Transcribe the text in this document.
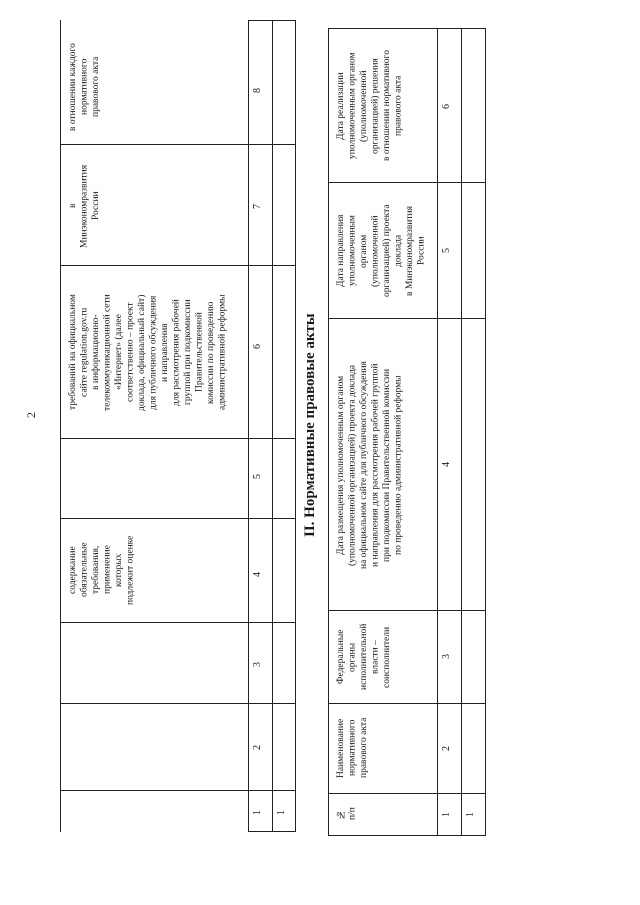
2
в отношении каждого
нормативного
правового акта
в
Минэкономразвития
России
требований на официальном
сайте regulation.gov.ru
в информационно-
телекоммуникационной сети
«Интернет» (далее
соответственно – проект
доклада, официальный сайт)
для публичного обсуждения
и направления
для рассмотрения рабочей
группой при подкомиссии
Правительственной
комиссии по проведению
административной реформы
содержание
обязательные
требования,
применение
которых
подлежит оценке
8
7
6
5
4
3
2
1	1
II. Нормативные правовые акты
Дата реализации
уполномоченным органом
(уполномоченной
организацией) решения
в отношении нормативного
правового акта
Дата направления
уполномоченным
органом
(уполномоченной
организацией) проекта
доклада
в Минэкономразвития
России
Дата размещения уполномоченным органом
(уполномоченной организацией) проекта доклада
на официальном сайте для публичного обсуждения
и направления для рассмотрения рабочей группой
при подкомиссии Правительственной комиссии
по проведению административной реформы
Федеральные
органы
исполнительной
власти –
соисполнители
Наименование
нормативного
правового акта
№
п/п
6
5
4
3
2
1	1
